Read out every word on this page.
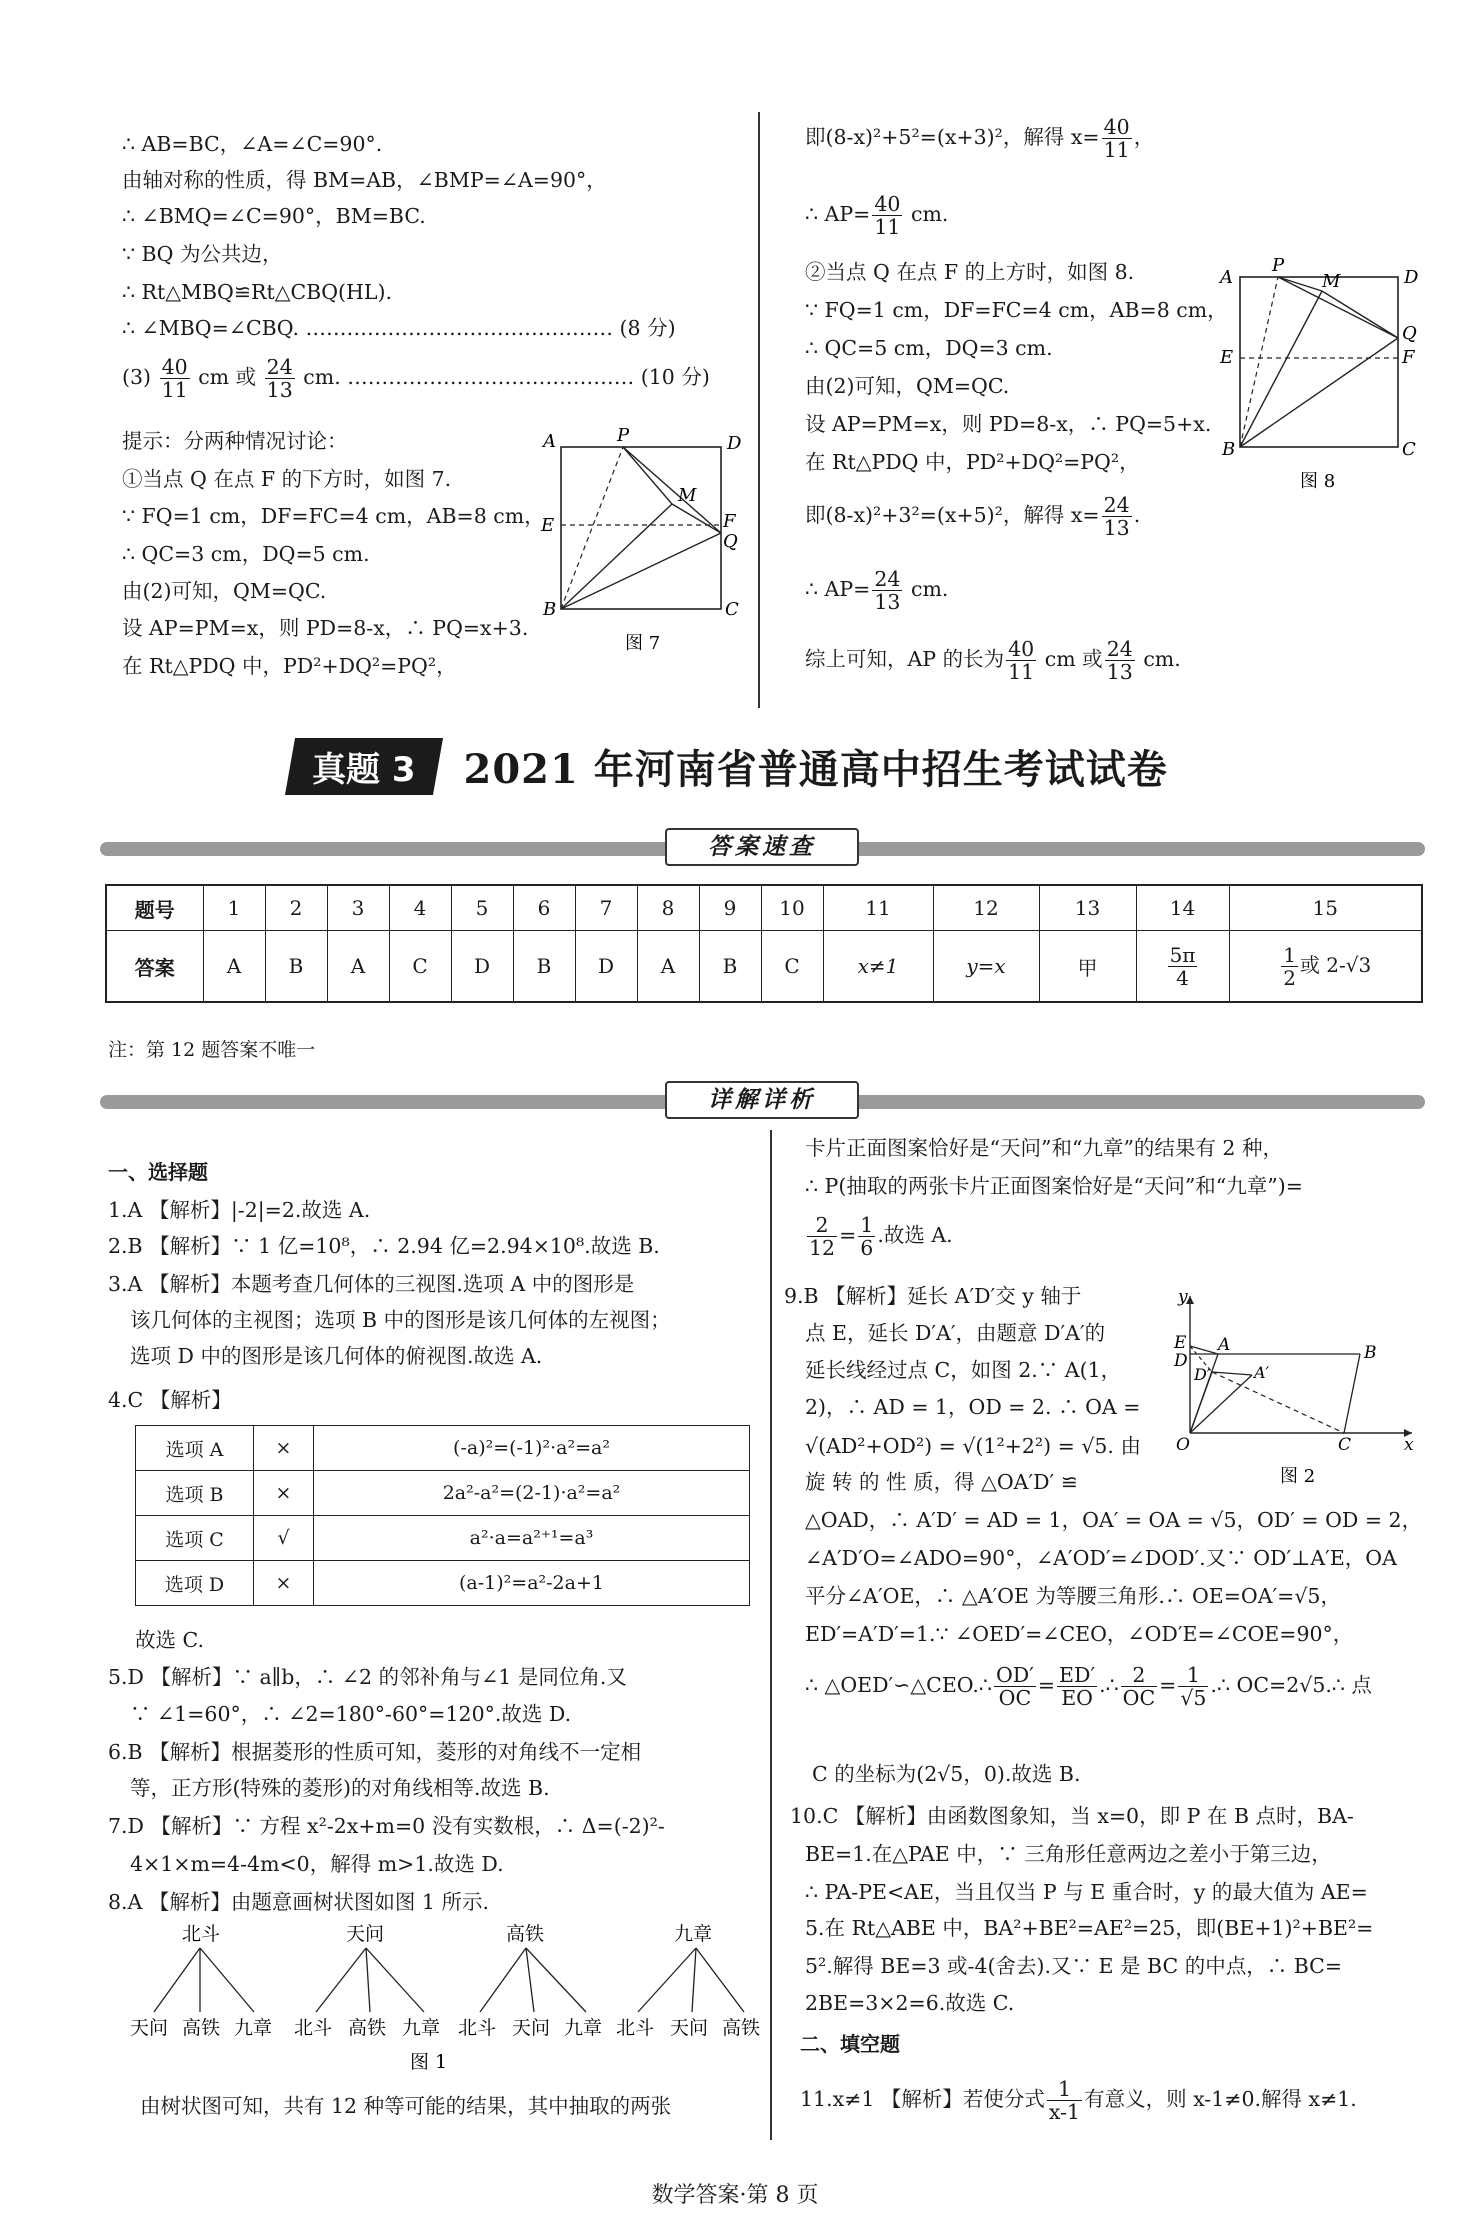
∴ AB=BC，∠A=∠C=90°.
由轴对称的性质，得 BM=AB，∠BMP=∠A=90°，
∴ ∠BMQ=∠C=90°，BM=BC.
∵ BQ 为公共边，
∴ Rt△MBQ≌Rt△CBQ(HL).
∴ ∠MBQ=∠CBQ. ……………………………………… (8 分)
$(3) \frac{40}{11}$ cm 或 $\frac{24}{13}$ cm. …………………………………… (10 分)
提示：分两种情况讨论：
①当点 Q 在点 F 的下方时，如图 7.
∵ FQ=1 cm，DF=FC=4 cm，AB=8 cm，
∴ QC=3 cm，DQ=5 cm.
由(2)可知，QM=QC.
设 AP=PM=x，则 PD=8-x，∴ PQ=x+3.
在 Rt△PDQ 中，PD²+DQ²=PQ²，
A	P	D
M
E	F
Q
B	C
图 7
即(8-x)²+5²=(x+3)²，解得 $x= \frac{40}{11}$ ，
∴ $AP= \frac{40}{11}$ cm.
②当点 Q 在点 F 的上方时，如图 8.
∵ FQ=1 cm，DF=FC=4 cm，AB=8 cm，
∴ QC=5 cm，DQ=3 cm.
由(2)可知，QM=QC.
设 AP=PM=x，则 PD=8-x，∴ PQ=5+x.
在 Rt△PDQ 中，PD²+DQ²=PQ²，
即(8-x)²+3²=(x+5)²，解得 $x= \frac{24}{13}$ .
∴ $AP= \frac{24}{13}$ cm.
综上可知，AP 的长为 $\frac{40}{11}$ cm 或 $\frac{24}{13}$ cm.
A
P
M	D
Q
E	F
B	C
图 8
真题 3	2021 年河南省普通高中招生考试试卷
答案速查
题号	1	2	3	4	5	6	7	8	9	10	11	12	13	14	15
答案	A	B	A	C	D	B	D	A	B	C	x≠1	y=x	甲	$\frac{5\pi}{4}$	$\frac{1}{2}$ 或 2-√3
注：第 12 题答案不唯一
详解详析
一、选择题
1.A 【解析】|-2|=2.故选 A.
2.B 【解析】∵ 1 亿=10⁸，∴ 2.94 亿=2.94×10⁸.故选 B.
3.A 【解析】本题考查几何体的三视图.选项 A 中的图形是
该几何体的主视图；选项 B 中的图形是该几何体的左视图；
选项 D 中的图形是该几何体的俯视图.故选 A.
4.C 【解析】
选项 A	×	(-a)²=(-1)²·a²=a²
选项 B	×	2a²-a²=(2-1)·a²=a²
选项 C	√	a²·a=a²⁺¹=a³
选项 D	×	(a-1)²=a²-2a+1
故选 C.
5.D 【解析】∵ a∥b，∴ ∠2 的邻补角与∠1 是同位角.又
∵ ∠1=60°，∴ ∠2=180°-60°=120°.故选 D.
6.B 【解析】根据菱形的性质可知，菱形的对角线不一定相
等，正方形(特殊的菱形)的对角线相等.故选 B.
7.D 【解析】∵ 方程 x²-2x+m=0 没有实数根，∴ Δ=(-2)²-
4×1×m=4-4m<0，解得 m>1.故选 D.
8.A 【解析】由题意画树状图如图 1 所示.
北斗	天问	高铁	九章
天问 高铁 九章 北斗 高铁 九章 北斗 天问 九章 北斗 天问 高铁
图 1
由树状图可知，共有 12 种等可能的结果，其中抽取的两张
卡片正面图案恰好是“天问”和“九章”的结果有 2 种，
∴ P(抽取的两张卡片正面图案恰好是“天问”和“九章”)=
$\frac{2}{12} = \frac{1}{6}$ .故选 A.
9.B 【解析】延长 A′D′交 y 轴于
点 E，延长 D′A′，由题意 D′A′的
延长线经过点 C，如图 2.∵ A(1，
2)，∴ AD = 1，OD = 2. ∴ OA =
√(AD²+OD²) = √(1²+2²) = √5. 由
旋 转 的 性 质，得 △OA′D′ ≌
y
E A	B
D
D′	A′
O	C	x
图 2
△OAD，∴ A′D′ = AD = 1，OA′ = OA = √5，OD′ = OD = 2，
∠A′D′O=∠ADO=90°，∠A′OD′=∠DOD′.又∵ OD′⊥A′E，OA
平分∠A′OE，∴ △A′OE 为等腰三角形.∴ OE=OA′=√5，
ED′=A′D′=1.∵ ∠OED′=∠CEO，∠OD′E=∠COE=90°，
∴ △OED′∽△CEO.∴ $\frac{OD'}{OC} = \frac{ED'}{EO}$ .∴ $\frac{2}{OC} = \frac{1}{√5}$ .∴ OC=2√5.∴ 点
C 的坐标为(2√5，0).故选 B.
10.C 【解析】由函数图象知，当 x=0，即 P 在 B 点时，BA-
BE=1.在△PAE 中，∵ 三角形任意两边之差小于第三边，
∴ PA-PE<AE，当且仅当 P 与 E 重合时，y 的最大值为 AE=
5.在 Rt△ABE 中，BA²+BE²=AE²=25，即(BE+1)²+BE²=
5².解得 BE=3 或-4(舍去).又∵ E 是 BC 的中点，∴ BC=
2BE=3×2=6.故选 C.
二、填空题
11.x≠1 【解析】若使分式 $\frac{1}{x-1}$ 有意义，则 x-1≠0.解得 x≠1.
数学答案·第 8 页
